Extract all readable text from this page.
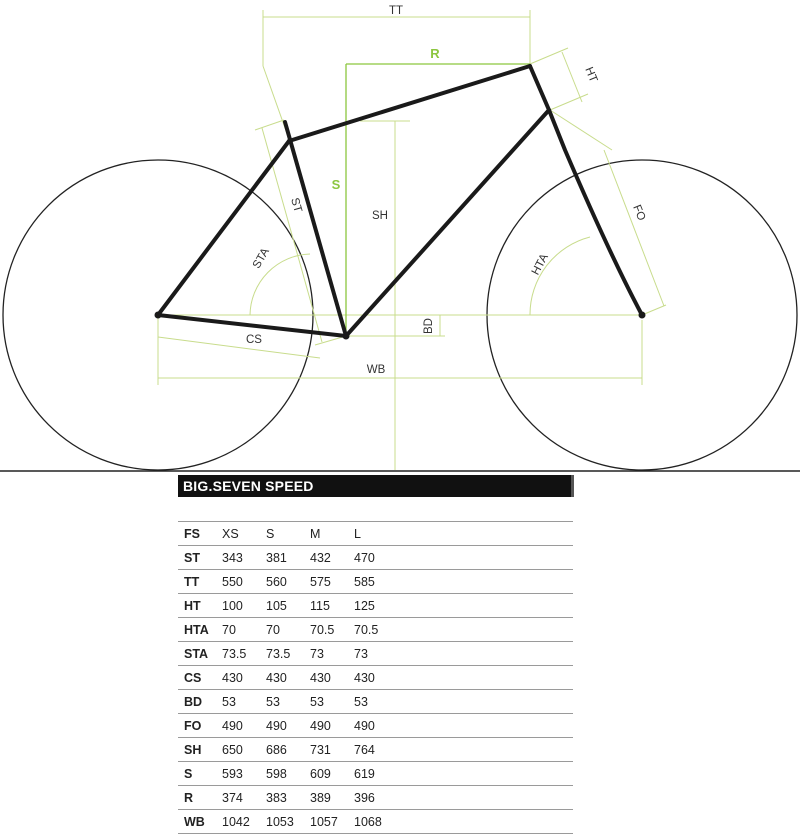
TT
R
HT
ST
S
SH	FO
STA	HTA
CS
BD
WB
BIG.SEVEN SPEED
FS	XS	S	M	L
ST	343	381	432	470
TT	550	560	575	585
HT	100	105	115	125
HTA	70	70	70.5	70.5
STA	73.5	73.5	73	73
CS	430	430	430	430
BD	53	53	53	53
FO	490	490	490	490
SH	650	686	731	764
S	593	598	609	619
R	374	383	389	396
WB	1042	1053	1057	1068
